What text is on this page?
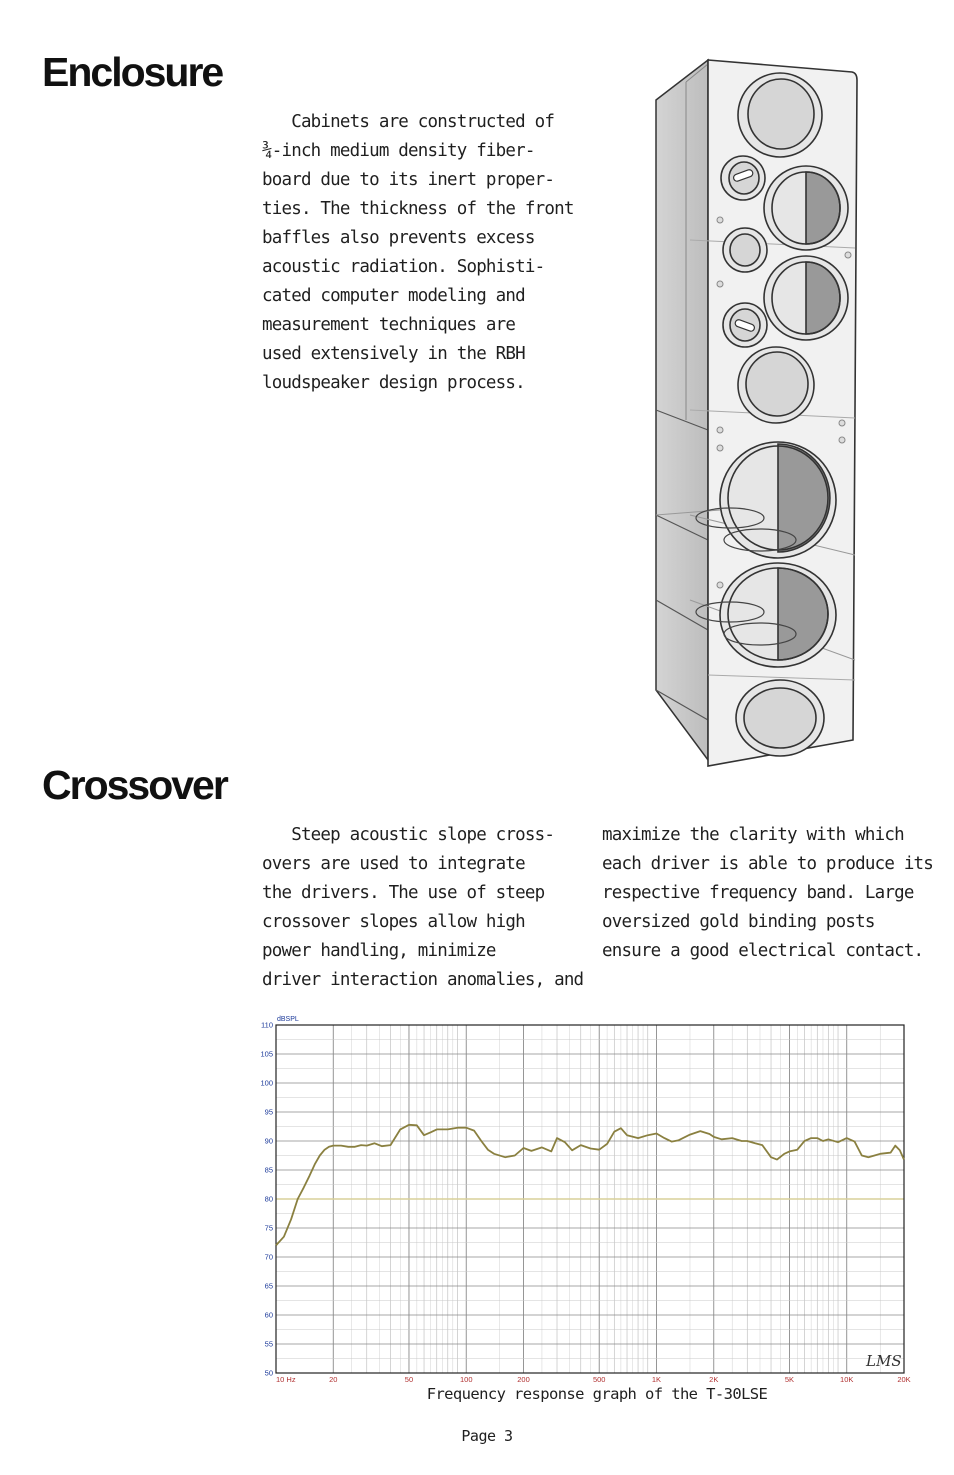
Enclosure
Cabinets are constructed of
¾-inch medium density fiber-
board due to its inert proper-
ties. The thickness of the front
baffles also prevents excess
acoustic radiation. Sophisti-
cated computer modeling and
measurement techniques are
used extensively in the RBH
loudspeaker design process.
Crossover
Steep acoustic slope cross-
overs are used to integrate
the drivers. The use of steep
crossover slopes allow high
power handling, minimize
driver interaction anomalies, and
maximize the clarity with which
each driver is able to produce its
respective frequency band. Large
oversized gold binding posts
ensure a good electrical contact.
50
55
60
65
70
75
80
85
90
95
100
105
110
10 Hz	20	50	100	200	500	1K	2K	5K	10K	20K
dBSPL
LMS
Frequency response graph of the T-30LSE
Page 3
